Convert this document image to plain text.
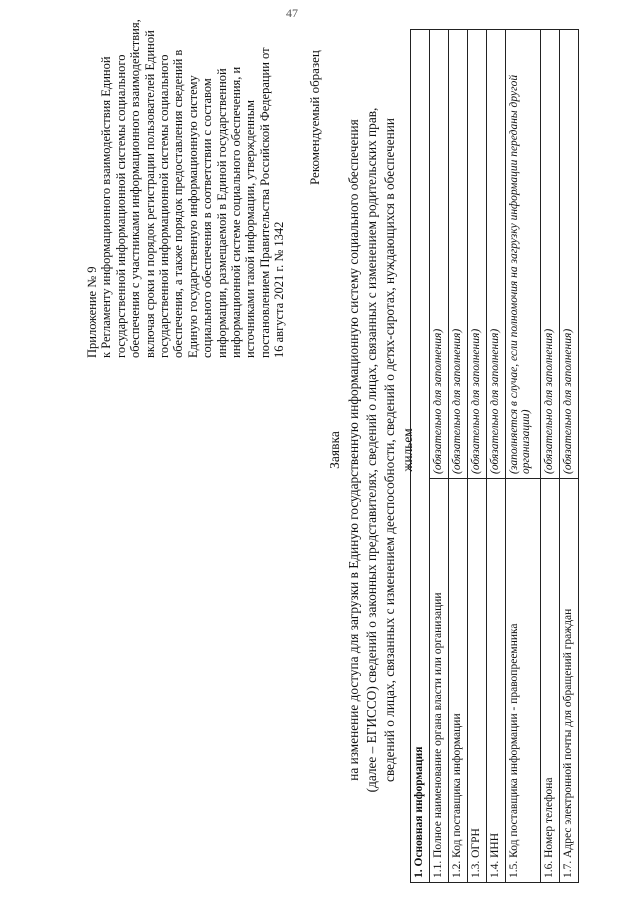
47
Приложение № 9 к Регламенту информационного взаимодействия Единой государственной информационной системы социального обеспечения с участниками информационного взаимодействия, включая сроки и порядок регистрации пользователей Единой государственной информационной системы социального обеспечения, а также порядок предоставления сведений в Единую государственную информационную систему социального обеспечения в соответствии с составом информации, размещаемой в Единой государственной информационной системе социального обеспечения, и источниками такой информации, утвержденным постановлением Правительства Российской Федерации от 16 августа 2021 г. № 1342
Рекомендуемый образец
Заявка на изменение доступа для загрузки в Единую государственную информационную систему социального обеспечения (далее – ЕГИССО) сведений о законных представителях, сведений о лицах, связанных с изменением родительских прав, сведений о лицах, связанных с изменением дееспособности, сведений о детях-сиротах, нуждающихся в обеспечении жильем
1. Основная информация	
1.1. Полное наименование органа власти или организации	(обязательно для заполнения)
1.2. Код поставщика информации	(обязательно для заполнения)
1.3. ОГРН	(обязательно для заполнения)
1.4. ИНН	(обязательно для заполнения)
1.5. Код поставщика информации - правопреемника	(заполняется в случае, если полномочия на загрузку информации переданы другой организации)
1.6. Номер телефона	(обязательно для заполнения)
1.7. Адрес электронной почты для обращений граждан	(обязательно для заполнения)
